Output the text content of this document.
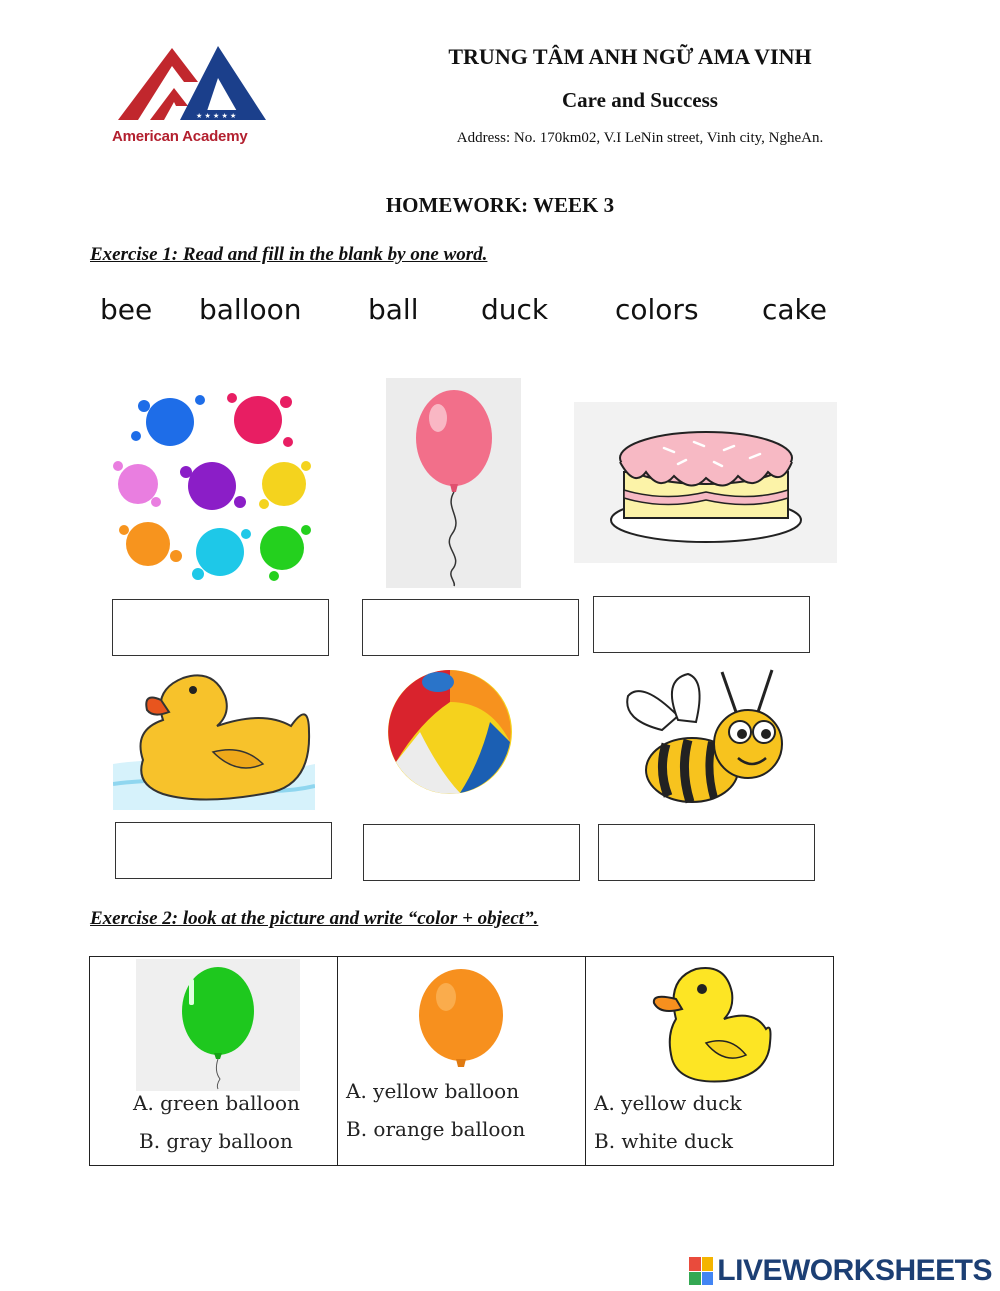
★ ★ ★ ★ ★
American Academy
TRUNG TÂM ANH NGỮ AMA VINH
Care and Success
Address: No. 170km02, V.I LeNin street, Vinh city, NgheAn.
HOMEWORK: WEEK 3
Exercise 1: Read and fill in the blank by one word.
bee balloon ball duck colors cake
Exercise 2: look at the picture and write “color + object”.
A. green balloon
B. gray balloon

A. yellow balloon
B. orange balloon

A. yellow duck
B. white duck
LIVEWORKSHEETS
